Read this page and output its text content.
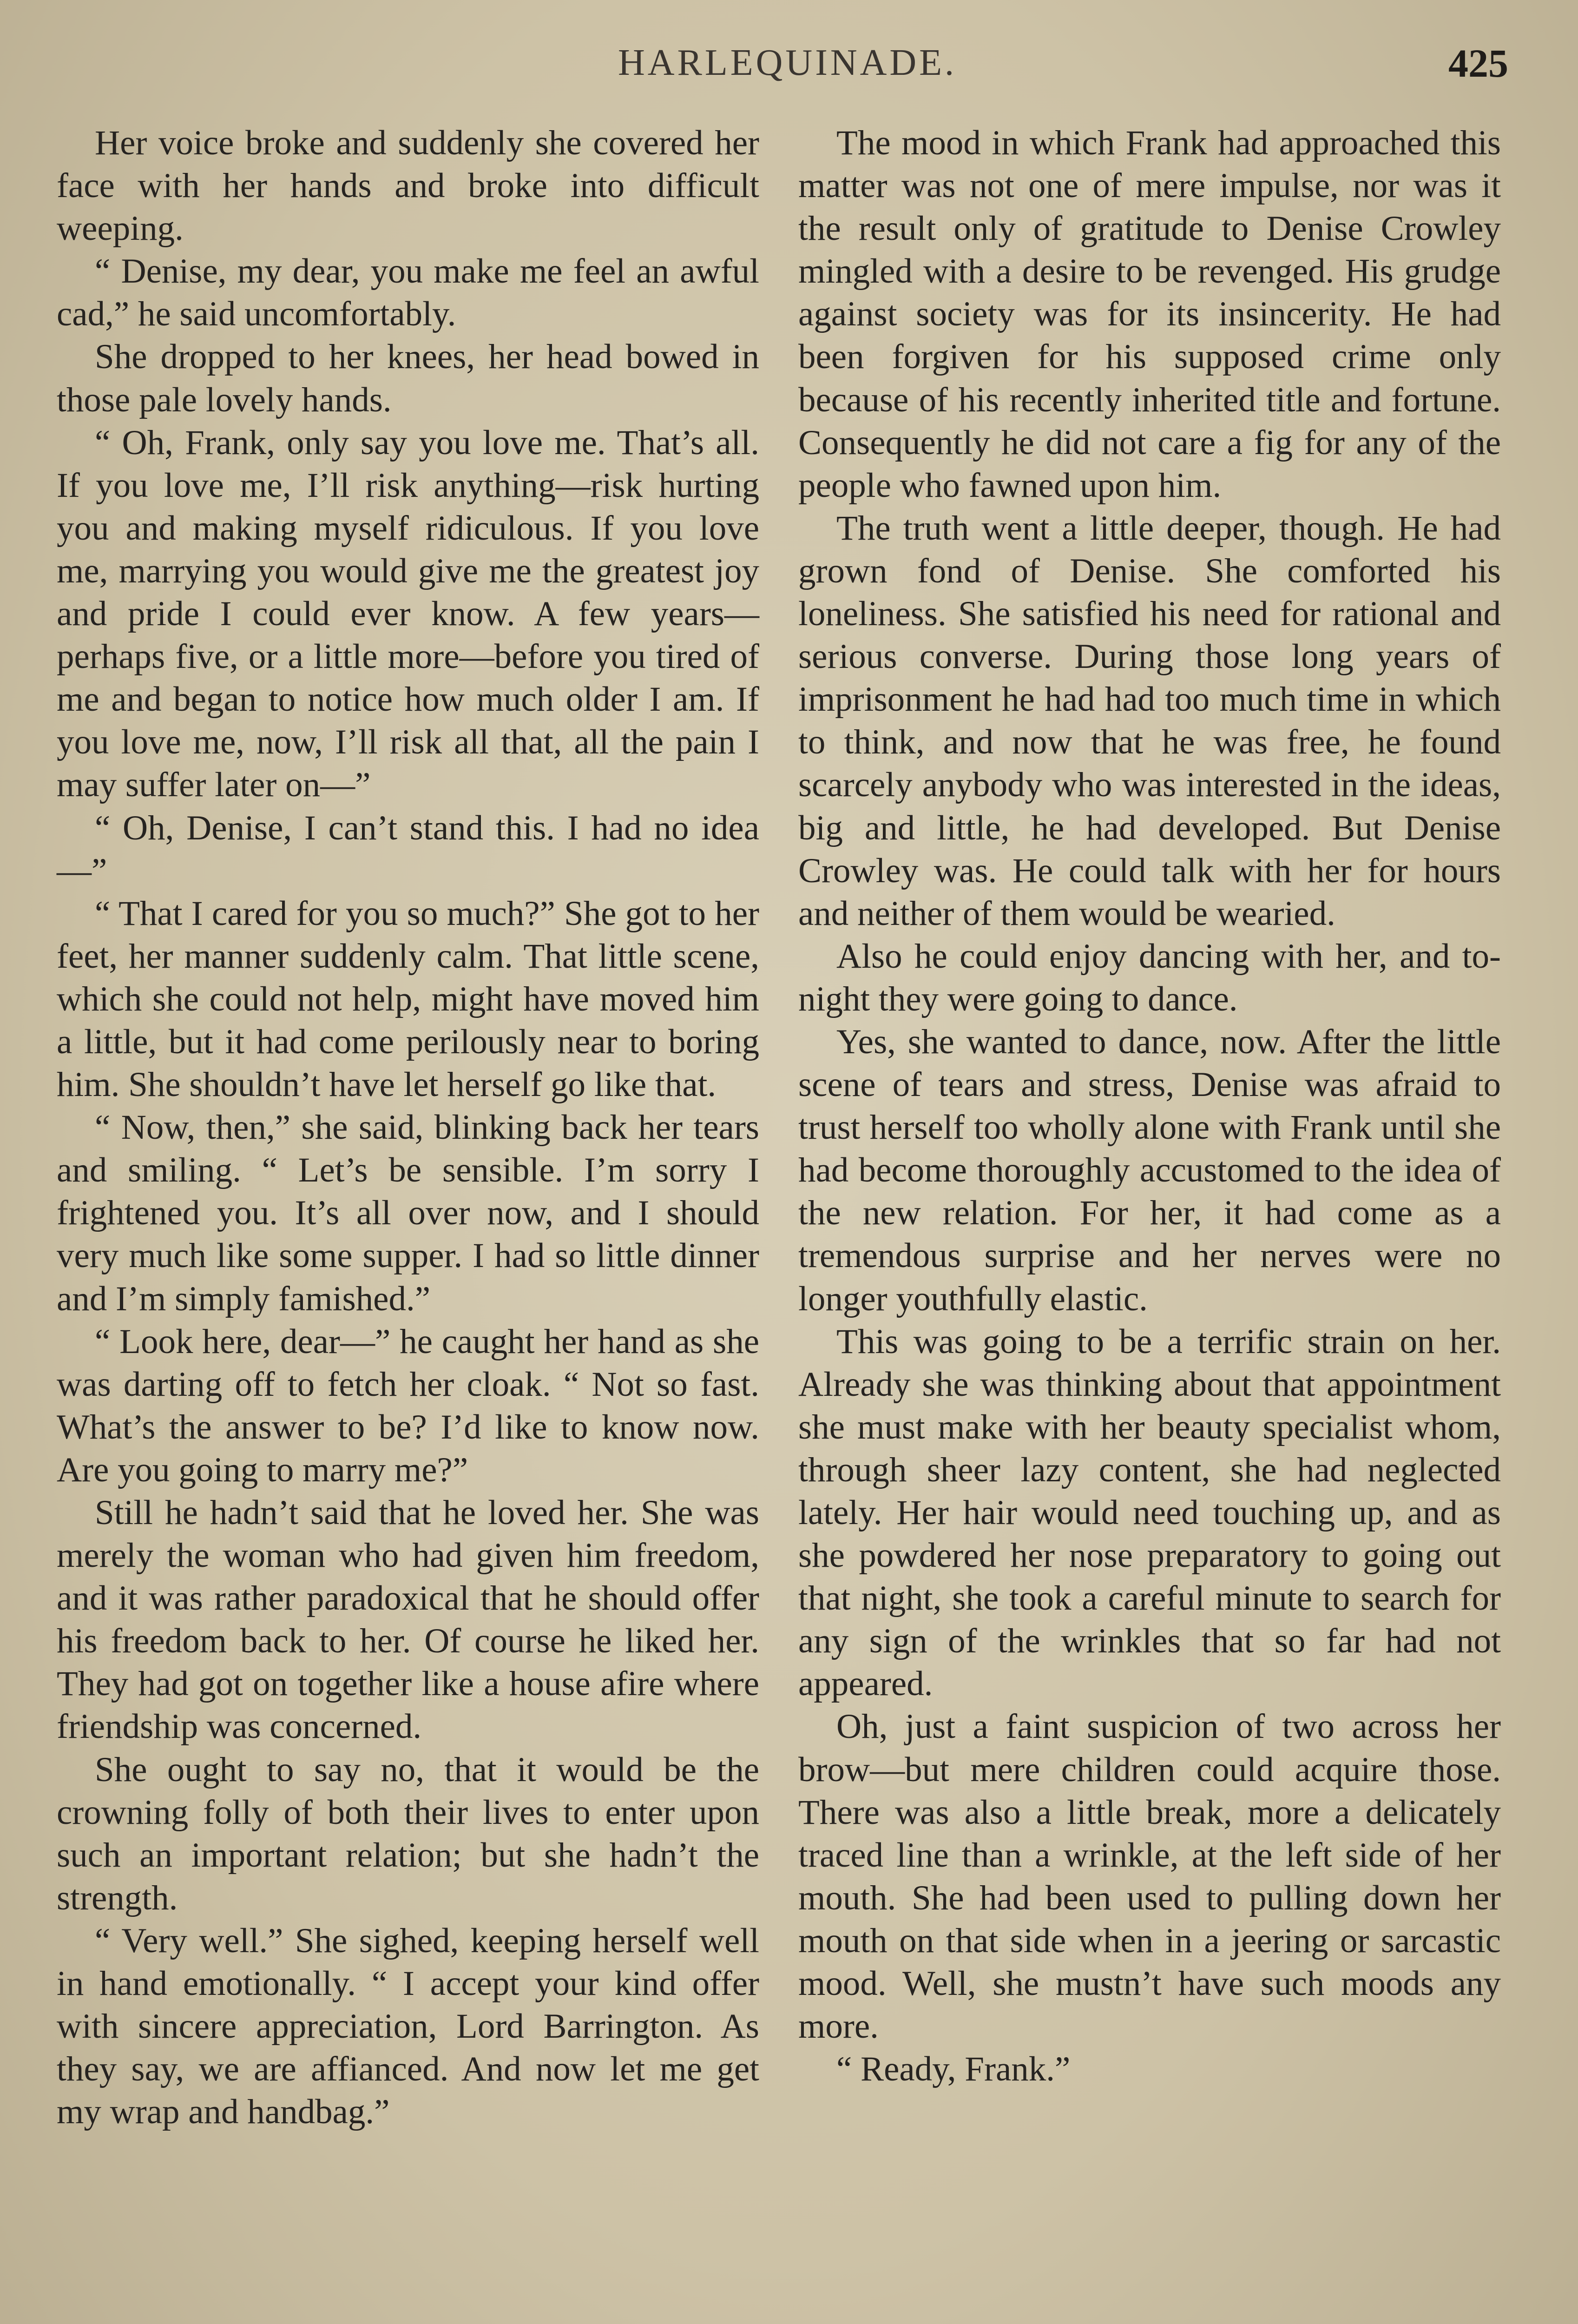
HARLEQUINADE.	425

Her voice broke and suddenly she covered her face with her hands and broke into difficult weeping.

“ Denise, my dear, you make me feel an awful cad,” he said uncomfortably.

She dropped to her knees, her head bowed in those pale lovely hands.

“ Oh, Frank, only say you love me. That’s all. If you love me, I’ll risk anything—risk hurting you and making myself ridiculous. If you love me, marrying you would give me the greatest joy and pride I could ever know. A few years—perhaps five, or a little more—before you tired of me and began to notice how much older I am. If you love me, now, I’ll risk all that, all the pain I may suffer later on—”

“ Oh, Denise, I can’t stand this. I had no idea—”

“ That I cared for you so much?” She got to her feet, her manner suddenly calm. That little scene, which she could not help, might have moved him a little, but it had come perilously near to boring him. She shouldn’t have let herself go like that.

“ Now, then,” she said, blinking back her tears and smiling. “ Let’s be sensible. I’m sorry I frightened you. It’s all over now, and I should very much like some supper. I had so little dinner and I’m simply famished.”

“ Look here, dear—” he caught her hand as she was darting off to fetch her cloak. “ Not so fast. What’s the answer to be? I’d like to know now. Are you going to marry me?”

Still he hadn’t said that he loved her. She was merely the woman who had given him freedom, and it was rather paradoxical that he should offer his freedom back to her. Of course he liked her. They had got on together like a house afire where friendship was concerned.

She ought to say no, that it would be the crowning folly of both their lives to enter upon such an important relation; but she hadn’t the strength.

“ Very well.” She sighed, keeping herself well in hand emotionally. “ I accept your kind offer with sincere appreciation, Lord Barrington. As they say, we are affianced. And now let me get my wrap and handbag.”

The mood in which Frank had approached this matter was not one of mere impulse, nor was it the result only of gratitude to Denise Crowley mingled with a desire to be revenged. His grudge against society was for its insincerity. He had been forgiven for his supposed crime only because of his recently inherited title and fortune. Consequently he did not care a fig for any of the people who fawned upon him.

The truth went a little deeper, though. He had grown fond of Denise. She comforted his loneliness. She satisfied his need for rational and serious converse. During those long years of imprisonment he had had too much time in which to think, and now that he was free, he found scarcely anybody who was interested in the ideas, big and little, he had developed. But Denise Crowley was. He could talk with her for hours and neither of them would be wearied.

Also he could enjoy dancing with her, and to-night they were going to dance.

Yes, she wanted to dance, now. After the little scene of tears and stress, Denise was afraid to trust herself too wholly alone with Frank until she had become thoroughly accustomed to the idea of the new relation. For her, it had come as a tremendous surprise and her nerves were no longer youthfully elastic.

This was going to be a terrific strain on her. Already she was thinking about that appointment she must make with her beauty specialist whom, through sheer lazy content, she had neglected lately. Her hair would need touching up, and as she powdered her nose preparatory to going out that night, she took a careful minute to search for any sign of the wrinkles that so far had not appeared.

Oh, just a faint suspicion of two across her brow—but mere children could acquire those. There was also a little break, more a delicately traced line than a wrinkle, at the left side of her mouth. She had been used to pulling down her mouth on that side when in a jeering or sarcastic mood. Well, she mustn’t have such moods any more.

“ Ready, Frank.”
